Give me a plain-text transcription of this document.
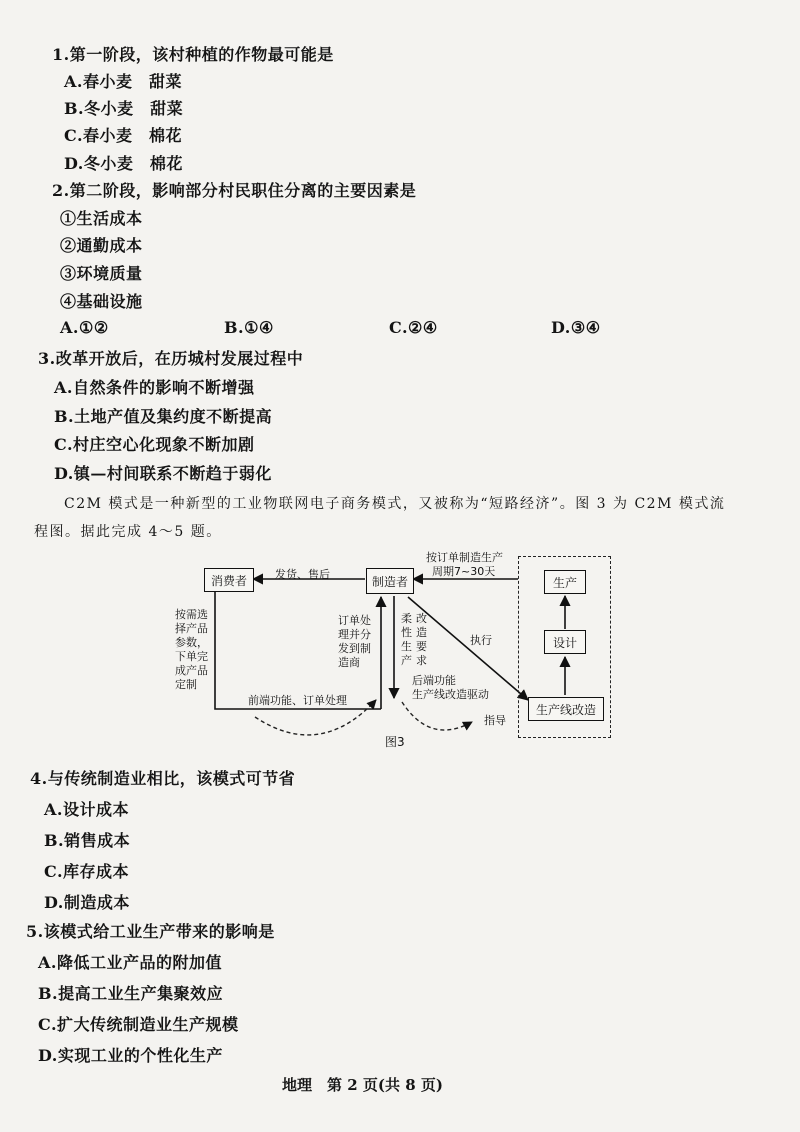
1.第一阶段，该村种植的作物最可能是
A.春小麦　甜菜
B.冬小麦　甜菜
C.春小麦　棉花
D.冬小麦　棉花
2.第二阶段，影响部分村民职住分离的主要因素是
①生活成本
②通勤成本
③环境质量
④基础设施
A.①②	B.①④	C.②④	D.③④
3.改革开放后，在历城村发展过程中
A.自然条件的影响不断增强
B.土地产值及集约度不断提高
C.村庄空心化现象不断加剧
D.镇—村间联系不断趋于弱化
C2M 模式是一种新型的工业物联网电子商务模式，又被称为“短路经济”。图 3 为 C2M 模式流
程图。据此完成 4～5 题。
消费者	制造者	生产
设计
生产线改造
发货、售后
按订单制造生产
周期7~30天
按需选
择产品
参数，
下单完
成产品
定制
订单处
理并分
发到制
造商
柔
性
生
产
改
造
要
求
执行
后端功能
生产线改造驱动
指导
前端功能、订单处理
图3
4.与传统制造业相比，该模式可节省
A.设计成本
B.销售成本
C.库存成本
D.制造成本
5.该模式给工业生产带来的影响是
A.降低工业产品的附加值
B.提高工业生产集聚效应
C.扩大传统制造业生产规模
D.实现工业的个性化生产
地理　第 2 页(共 8 页)
